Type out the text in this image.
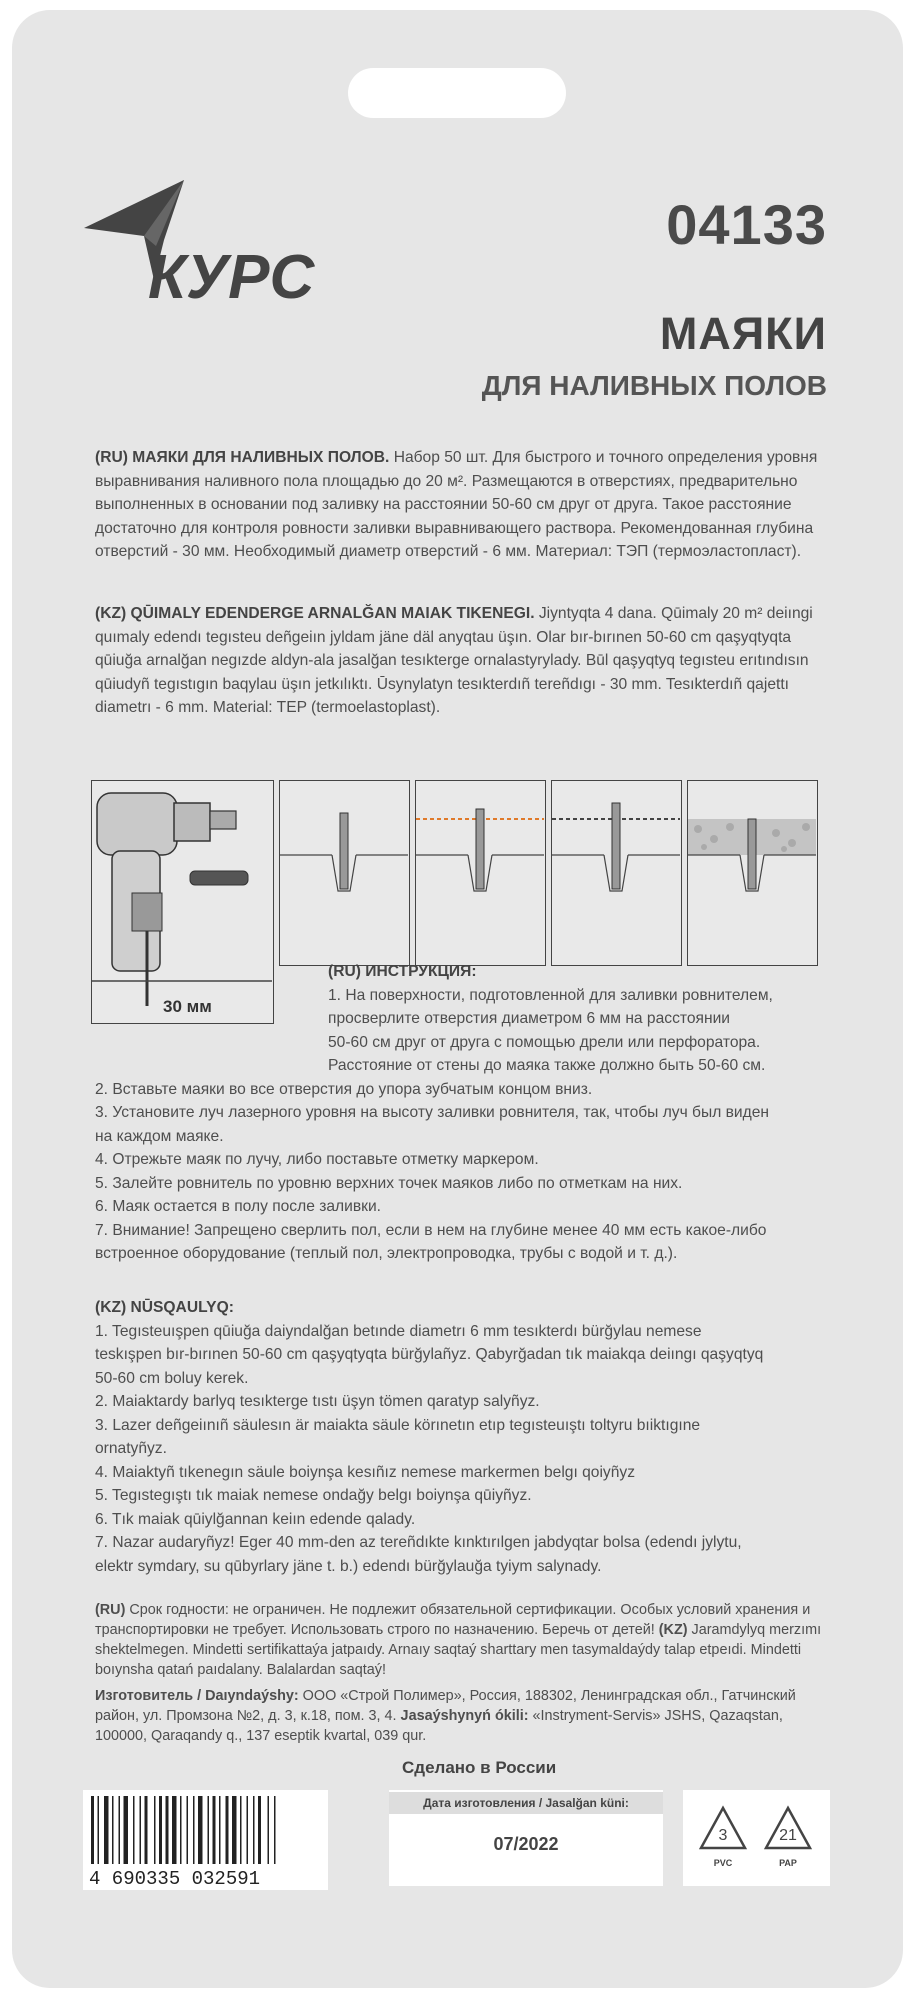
КУРС
04133
МАЯКИ
ДЛЯ НАЛИВНЫХ ПОЛОВ
(RU) МАЯКИ ДЛЯ НАЛИВНЫХ ПОЛОВ. Набор 50 шт. Для быстрого и точного определения уровня выравнивания наливного пола площадью до 20 м². Размещаются в отверстиях, предварительно выполненных в основании под заливку на расстоянии 50-60 см друг от друга. Такое расстояние достаточно для контроля ровности заливки выравнивающего раствора. Рекомендованная глубина отверстий - 30 мм. Необходимый диаметр отверстий - 6 мм. Материал: ТЭП (термоэластопласт).
(KZ) QŪIMALY EDENDERGE ARNALĞAN MAIAK TIKENEGI. Jiyntyqta 4 dana. Qūimaly 20 m² deiıngi quımaly edendı tegısteu deñgeiın jyldam jäne däl anyqtau üşın. Olar bır-bırınen 50-60 cm qaşyqtyqta qūiuğa arnalğan negızde aldyn-ala jasalğan tesıkterge ornalastyryladу. Būl qaşyqtyq tegısteu erıtındısın qūiudyñ tegıstıgın baqylau üşın jetkılıktı. Ūsynylatyn tesıkterdıñ tereñdıgı - 30 mm. Tesıkterdıñ qajettı diametrı - 6 mm. Material: TEP (termoelastoplast).
30 мм
(RU) ИНСТРУКЦИЯ:
1. На поверхности, подготовленной для заливки ровнителем,
просверлите отверстия диаметром 6 мм на расстоянии
50-60 см друг от друга с помощью дрели или перфоратора.
Расстояние от стены до маяка также должно быть 50-60 см.
2. Вставьте маяки во все отверстия до упора зубчатым концом вниз.
3. Установите луч лазерного уровня на высоту заливки ровнителя, так, чтобы луч был виден
на каждом маяке.
4. Отрежьте маяк по лучу, либо поставьте отметку маркером.
5. Залейте ровнитель по уровню верхних точек маяков либо по отметкам на них.
6. Маяк остается в полу после заливки.
7. Внимание! Запрещено сверлить пол, если в нем на глубине менее 40 мм есть какое-либо
встроенное оборудование (теплый пол, электропроводка, трубы с водой и т. д.).
(KZ) NŪSQAULYQ:
1. Tegısteuışpen qūiuğa daiyndalğan betınde diametrı 6 mm tesıkterdı bürğylau nemese
teskışpen bır-bırınen 50-60 cm qaşyqtyqta bürğylañyz. Qabyrğadan tık maiakqa deiıngı qaşyqtyq
50-60 cm boluy kerek.
2. Maiaktardy barlyq tesıkterge tıstı üşyn tömen qaratyp salyñyz.
3. Lazer deñgeiınıñ säulesın är maiakta säule körınetın etıp tegısteuıştı toltyru bıiktıgıne
ornatyñyz.
4. Maiaktyñ tıkenegın säule boiynşa kesıñız nemese markermen belgı qoiyñyz
5. Tegıstegıştı tık maiak nemese ondağy belgı boiynşa qūiyñyz.
6. Tık maiak qūiylğannan keiın edende qalady.
7. Nazar audaryñyz! Eger 40 mm-den az tereñdıkte kınktırılgen jabdyqtar bolsa (edendı jylytu,
elektr symdary, su qūbyrlary jäne t. b.) edendı bürğylauğa tyiym salynady.
(RU) Срок годности: не ограничен. Не подлежит обязательной сертификации. Особых условий хранения и транспортировки не требует. Использовать строго по назначению. Беречь от детей! (KZ) Jaramdylyq merzımı shektelmegen. Mindetti sertifikattaýa jatpaıdy. Arnaıy saqtaý sharttary men tasymaldaýdy talap etpeıdi. Mindetti boıynsha qatań paıdalany. Balalardan saqtaý!
Изготовитель / Daıyndaýshy: ООО «Строй Полимер», Россия, 188302, Ленинградская обл., Гатчинский район, ул. Промзона №2, д. 3, к.18, пом. 3, 4. Jasaýshynyń ókili: «Instryment-Servis» JSHS, Qazaqstan, 100000, Qaraqandy q., 137 eseptik kvartal, 039 qur.
Сделано в России
4 690335 032591
Дата изготовления / Jasalğan küni:
07/2022	3
PVC
21
PAP
